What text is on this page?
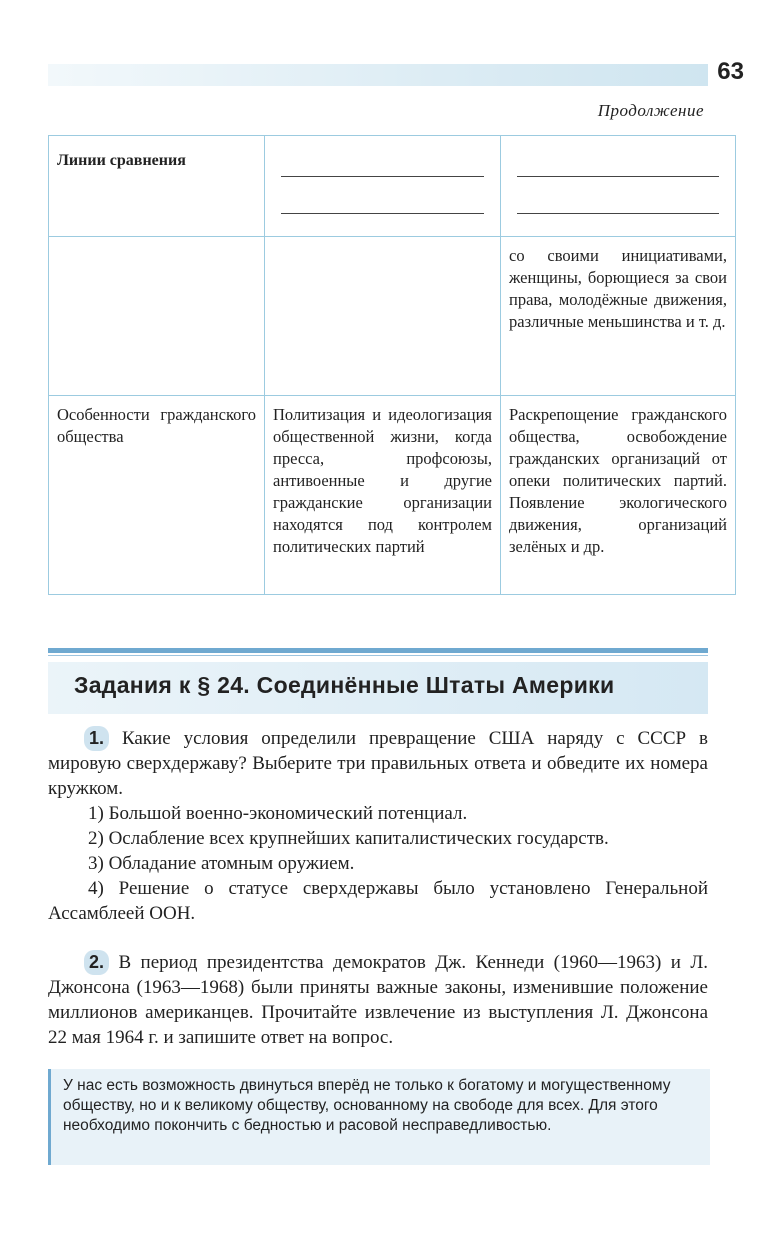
63
Продолжение
Линии сравнения		

		со своими инициативами, женщины, борющиеся за свои права, молодёжные движения, различные меньшинства и т. д.
Особенности гражданского общества	Политизация и идеологизация общественной жизни, когда пресса, профсоюзы, антивоенные и другие гражданские организации находятся под контролем политических партий	Раскрепощение гражданского общества, освобождение гражданских организаций от опеки политических партий. Появление экологического движения, организаций зелёных и др.
Задания к § 24. Соединённые Штаты Америки

1. Какие условия определили превращение США наряду с СССР в мировую сверхдержаву? Выберите три правильных ответа и обведите их номера кружком.

1) Большой военно-экономический потенциал.

2) Ослабление всех крупнейших капиталистических государств.

3) Обладание атомным оружием.

4) Решение о статусе сверхдержавы было установлено Генеральной Ассамблеей ООН.

2. В период президентства демократов Дж. Кеннеди (1960—1963) и Л. Джонсона (1963—1968) были приняты важные законы, изменившие положение миллионов американцев. Прочитайте извлечение из выступления Л. Джонсона 22 мая 1964 г. и запишите ответ на вопрос.

У нас есть возможность двинуться вперёд не только к богатому и могущественному обществу, но и к великому обществу, основанному на свободе для всех. Для этого необходимо покончить с бедностью и расовой несправедливостью.
